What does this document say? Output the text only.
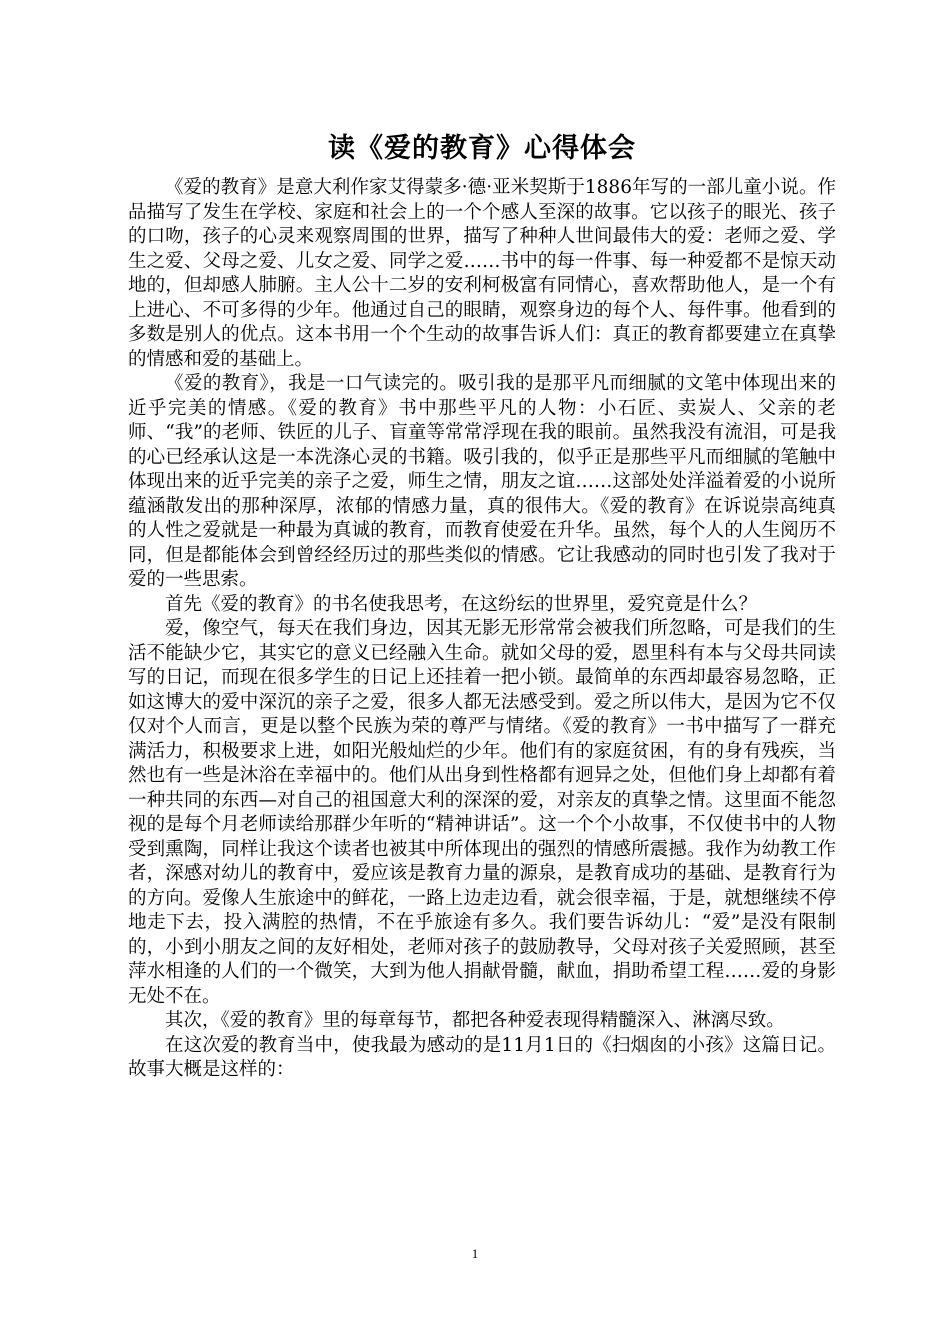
读《爱的教育》心得体会

《爱的教育》是意大利作家艾得蒙多·德·亚米契斯于1886年写的一部儿童小说。作品描写了发生在学校、家庭和社会上的一个个感人至深的故事。它以孩子的眼光、孩子的口吻，孩子的心灵来观察周围的世界，描写了种种人世间最伟大的爱：老师之爱、学生之爱、父母之爱、儿女之爱、同学之爱……书中的每一件事、每一种爱都不是惊天动地的，但却感人肺腑。主人公十二岁的安利柯极富有同情心，喜欢帮助他人，是一个有上进心、不可多得的少年。他通过自己的眼睛，观察身边的每个人、每件事。他看到的多数是别人的优点。这本书用一个个生动的故事告诉人们：真正的教育都要建立在真挚的情感和爱的基础上。

《爱的教育》，我是一口气读完的。吸引我的是那平凡而细腻的文笔中体现出来的近乎完美的情感。《爱的教育》书中那些平凡的人物：小石匠、卖炭人、父亲的老师、“我”的老师、铁匠的儿子、盲童等常常浮现在我的眼前。虽然我没有流泪，可是我的心已经承认这是一本洗涤心灵的书籍。吸引我的，似乎正是那些平凡而细腻的笔触中体现出来的近乎完美的亲子之爱，师生之情，朋友之谊……这部处处洋溢着爱的小说所蕴涵散发出的那种深厚，浓郁的情感力量，真的很伟大。《爱的教育》在诉说崇高纯真的人性之爱就是一种最为真诚的教育，而教育使爱在升华。虽然，每个人的人生阅历不同，但是都能体会到曾经经历过的那些类似的情感。它让我感动的同时也引发了我对于爱的一些思索。

首先《爱的教育》的书名使我思考，在这纷纭的世界里，爱究竟是什么？

爱，像空气，每天在我们身边，因其无影无形常常会被我们所忽略，可是我们的生活不能缺少它，其实它的意义已经融入生命。就如父母的爱，恩里科有本与父母共同读写的日记，而现在很多学生的日记上还挂着一把小锁。最简单的东西却最容易忽略，正如这博大的爱中深沉的亲子之爱，很多人都无法感受到。爱之所以伟大，是因为它不仅仅对个人而言，更是以整个民族为荣的尊严与情绪。《爱的教育》一书中描写了一群充满活力，积极要求上进，如阳光般灿烂的少年。他们有的家庭贫困，有的身有残疾，当然也有一些是沐浴在幸福中的。他们从出身到性格都有迥异之处，但他们身上却都有着一种共同的东西—对自己的祖国意大利的深深的爱，对亲友的真挚之情。这里面不能忽视的是每个月老师读给那群少年听的“精神讲话”。这一个个小故事，不仅使书中的人物受到熏陶，同样让我这个读者也被其中所体现出的强烈的情感所震撼。我作为幼教工作者，深感对幼儿的教育中，爱应该是教育力量的源泉，是教育成功的基础、是教育行为的方向。爱像人生旅途中的鲜花，一路上边走边看，就会很幸福，于是，就想继续不停地走下去，投入满腔的热情，不在乎旅途有多久。我们要告诉幼儿：“爱”是没有限制的，小到小朋友之间的友好相处，老师对孩子的鼓励教导，父母对孩子关爱照顾，甚至萍水相逢的人们的一个微笑，大到为他人捐献骨髓，献血，捐助希望工程……爱的身影无处不在。

其次，《爱的教育》里的每章每节，都把各种爱表现得精髓深入、淋漓尽致。

在这次爱的教育当中，使我最为感动的是11月1日的《扫烟囱的小孩》这篇日记。故事大概是这样的：

1
